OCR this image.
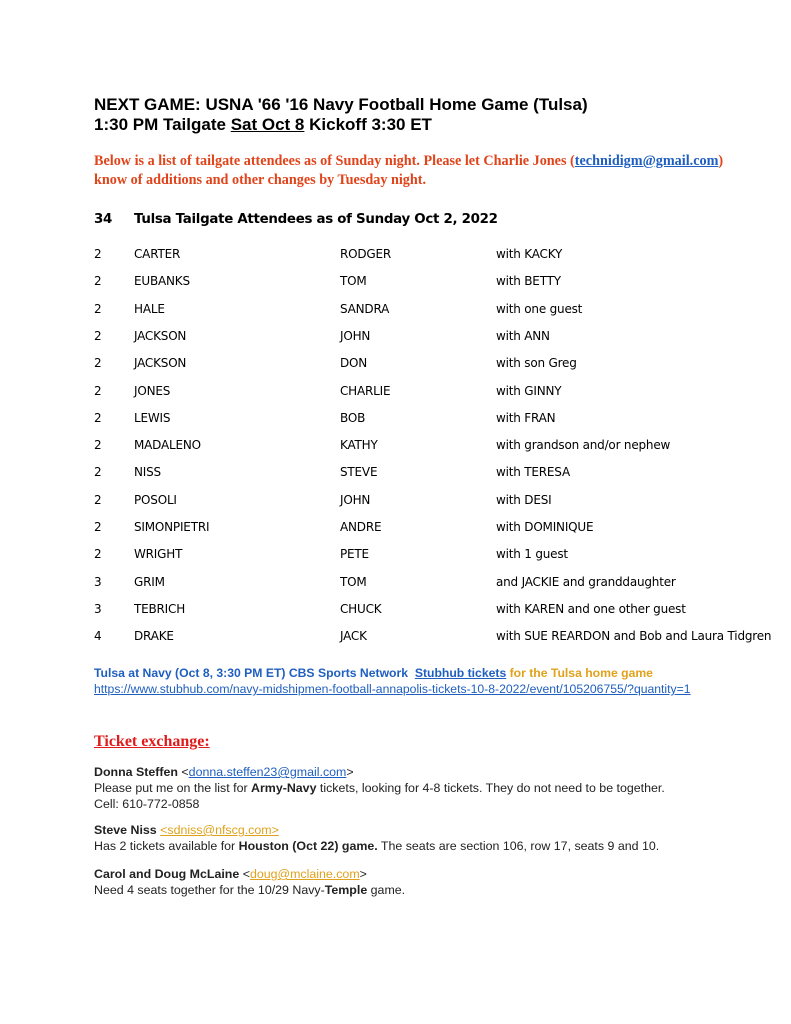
NEXT GAME: USNA '66 '16 Navy Football Home Game (Tulsa)
1:30 PM Tailgate Sat Oct 8 Kickoff 3:30 ET
Below is a list of tailgate attendees as of Sunday night. Please let Charlie Jones (technidigm@gmail.com) know of additions and other changes by Tuesday night.
34 Tulsa Tailgate Attendees as of Sunday Oct 2, 2022
2	CARTER	RODGER	with KACKY
2	EUBANKS	TOM	with BETTY
2	HALE	SANDRA	with one guest
2	JACKSON	JOHN	with ANN
2	JACKSON	DON	with son Greg
2	JONES	CHARLIE	with GINNY
2	LEWIS	BOB	with FRAN
2	MADALENO	KATHY	with grandson and/or nephew
2	NISS	STEVE	with TERESA
2	POSOLI	JOHN	with DESI
2	SIMONPIETRI	ANDRE	with DOMINIQUE
2	WRIGHT	PETE	with 1 guest
3	GRIM	TOM	and JACKIE and granddaughter
3	TEBRICH	CHUCK	with KAREN and one other guest
4	DRAKE	JACK	with SUE REARDON and Bob and Laura Tidgren
Tulsa at Navy (Oct 8, 3:30 PM ET) CBS Sports Network Stubhub tickets for the Tulsa home game
https://www.stubhub.com/navy-midshipmen-football-annapolis-tickets-10-8-2022/event/105206755/?quantity=1
Ticket exchange:
Donna Steffen <donna.steffen23@gmail.com>
Please put me on the list for Army-Navy tickets, looking for 4-8 tickets. They do not need to be together.
Cell: 610-772-0858
Steve Niss <sdniss@nfscg.com>
Has 2 tickets available for Houston (Oct 22) game. The seats are section 106, row 17, seats 9 and 10.
Carol and Doug McLaine <doug@mclaine.com>
Need 4 seats together for the 10/29 Navy-Temple game.
